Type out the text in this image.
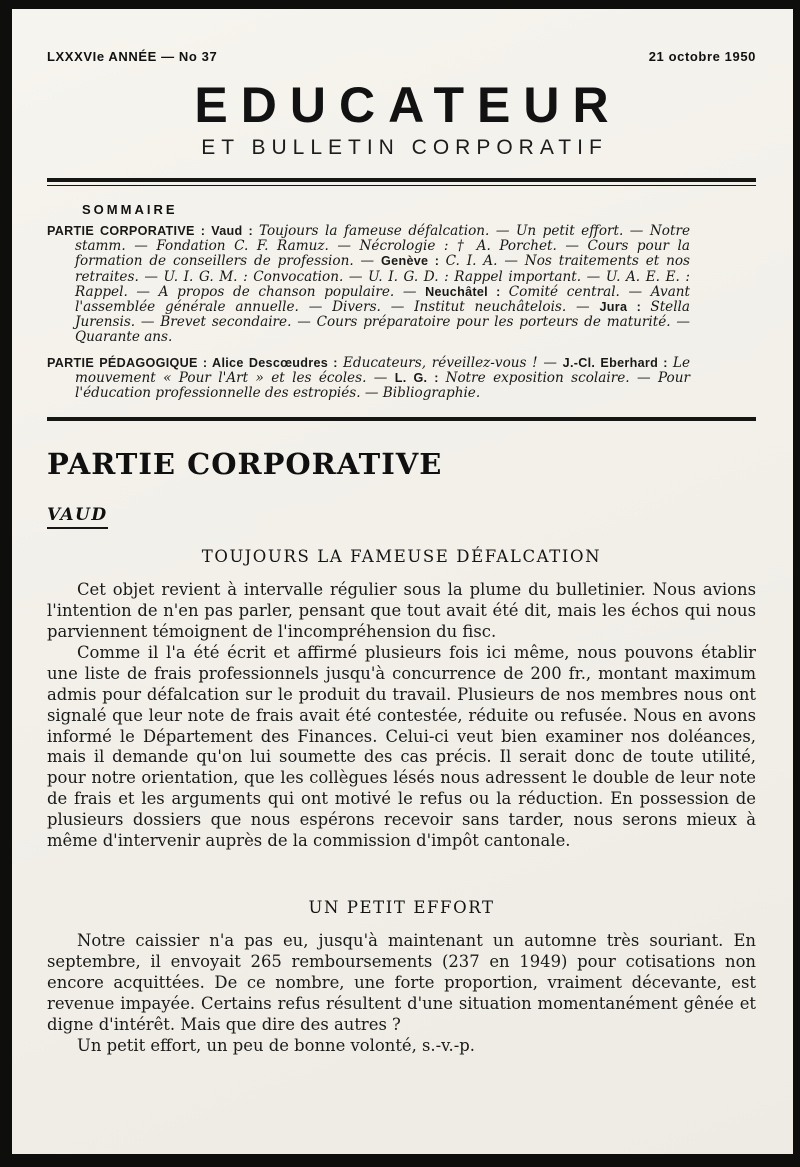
LXXXVIe ANNÉE — No 37	21 octobre 1950
EDUCATEUR
ET BULLETIN CORPORATIF
SOMMAIRE

PARTIE CORPORATIVE : Vaud : Toujours la fameuse défalcation. — Un petit effort. — Notre stamm. — Fondation C. F. Ramuz. — Nécrologie : † A. Porchet. — Cours pour la formation de conseillers de profession. — Genève : C. I. A. — Nos traitements et nos retraites. — U. I. G. M. : Convocation. — U. I. G. D. : Rappel important. — U. A. E. E. : Rappel. — A propos de chanson populaire. — Neuchâtel : Comité central. — Avant l'assemblée générale annuelle. — Divers. — Institut neuchâtelois. — Jura : Stella Jurensis. — Brevet secondaire. — Cours préparatoire pour les porteurs de maturité. — Quarante ans.

PARTIE PÉDAGOGIQUE : Alice Descœudres : Educateurs, réveillez-vous ! — J.-Cl. Eberhard : Le mouvement « Pour l'Art » et les écoles. — L. G. : Notre exposition scolaire. — Pour l'éducation professionnelle des estropiés. — Bibliographie.

PARTIE CORPORATIVE
VAUD
TOUJOURS LA FAMEUSE DÉFALCATION

Cet objet revient à intervalle régulier sous la plume du bulletinier. Nous avions l'intention de n'en pas parler, pensant que tout avait été dit, mais les échos qui nous parviennent témoignent de l'incompréhension du fisc.

Comme il l'a été écrit et affirmé plusieurs fois ici même, nous pouvons établir une liste de frais professionnels jusqu'à concurrence de 200 fr., montant maximum admis pour défalcation sur le produit du travail. Plusieurs de nos membres nous ont signalé que leur note de frais avait été contestée, réduite ou refusée. Nous en avons informé le Département des Finances. Celui-ci veut bien examiner nos doléances, mais il demande qu'on lui soumette des cas précis. Il serait donc de toute utilité, pour notre orientation, que les collègues lésés nous adressent le double de leur note de frais et les arguments qui ont motivé le refus ou la réduction. En possession de plusieurs dossiers que nous espérons recevoir sans tarder, nous serons mieux à même d'intervenir auprès de la commission d'impôt cantonale.

UN PETIT EFFORT

Notre caissier n'a pas eu, jusqu'à maintenant un automne très souriant. En septembre, il envoyait 265 remboursements (237 en 1949) pour cotisations non encore acquittées. De ce nombre, une forte proportion, vraiment décevante, est revenue impayée. Certains refus résultent d'une situation momentanément gênée et digne d'intérêt. Mais que dire des autres ?

Un petit effort, un peu de bonne volonté, s.-v.-p.
